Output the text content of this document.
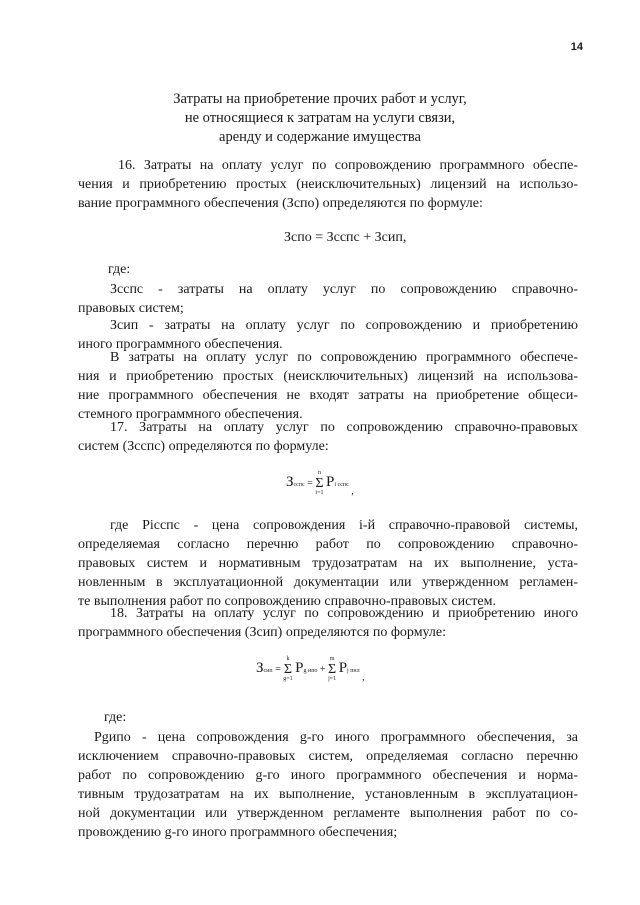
14
Затраты на приобретение прочих работ и услуг,
не относящиеся к затратам на услуги связи,
аренду и содержание имущества
16. Затраты на оплату услуг по сопровождению программного обеспе-
чения и приобретению простых (неисключительных) лицензий на использо-
вание программного обеспечения (Зспо) определяются по формуле:
Зспо = Зсспс + Зсип,
где:
Зсспс - затраты на оплату услуг по сопровождению справочно-
правовых систем;
Зсип - затраты на оплату услуг по сопровождению и приобретению
иного программного обеспечения.
В затраты на оплату услуг по сопровождению программного обеспече-
ния и приобретению простых (неисключительных) лицензий на использова-
ние программного обеспечения не входят затраты на приобретение общеси-
стемного программного обеспечения.
17. Затраты на оплату услуг по сопровождению справочно-правовых
систем (Зсспс) определяются по формуле:
Зсспс =
n
Σ
i=1
Pi сспс ,
где Рiсспс - цена сопровождения i-й справочно-правовой системы,
определяемая согласно перечню работ по сопровождению справочно-
правовых систем и нормативным трудозатратам на их выполнение, уста-
новленным в эксплуатационной документации или утвержденном регламен-
те выполнения работ по сопровождению справочно-правовых систем.
18. Затраты на оплату услуг по сопровождению и приобретению иного
программного обеспечения (Зсип) определяются по формуле:
Зсип =
k
Σ
g=1
Pg ипо +
m
Σ
j=1
Pj пнл ,
где:
Рgипо - цена сопровождения g-го иного программного обеспечения, за
исключением справочно-правовых систем, определяемая согласно перечню
работ по сопровождению g-го иного программного обеспечения и норма-
тивным трудозатратам на их выполнение, установленным в эксплуатацион-
ной документации или утвержденном регламенте выполнения работ по со-
провождению g-го иного программного обеспечения;
